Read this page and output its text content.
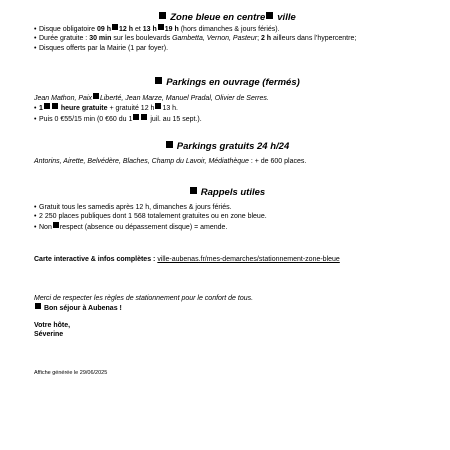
Zone bleue en centre ville
• Disque obligatoire 09 h 12 h et 13 h 19 h (hors dimanches & jours fériés).
• Durée gratuite : 30 min sur les boulevards Gambetta, Vernon, Pasteur; 2 h ailleurs dans l’hypercentre;
• Disques offerts par la Mairie (1 par foyer).
Parkings en ouvrage (fermés)

Jean Mathon, Paix Liberté, Jean Marze, Manuel Pradal, Olivier de Serres.

• 1 heure gratuite + gratuité 12 h 13 h.
• Puis 0 €55/15 min (0 €60 du 1 juil. au 15 sept.).
Parkings gratuits 24 h/24

Antorins, Airette, Belvédère, Blaches, Champ du Lavoir, Médiathèque : + de 600 places.

Rappels utiles
• Gratuit tous les samedis après 12 h, dimanches & jours fériés.
• 2 250 places publiques dont 1 568 totalement gratuites ou en zone bleue.
• Non respect (absence ou dépassement disque) = amende.

Carte interactive & infos complètes : ville-aubenas.fr/mes-demarches/stationnement-zone-bleue

Merci de respecter les règles de stationnement pour le confort de tous.

Bon séjour à Aubenas !

Votre hôte,

Séverine

Affiche générée le 29/06/2025
